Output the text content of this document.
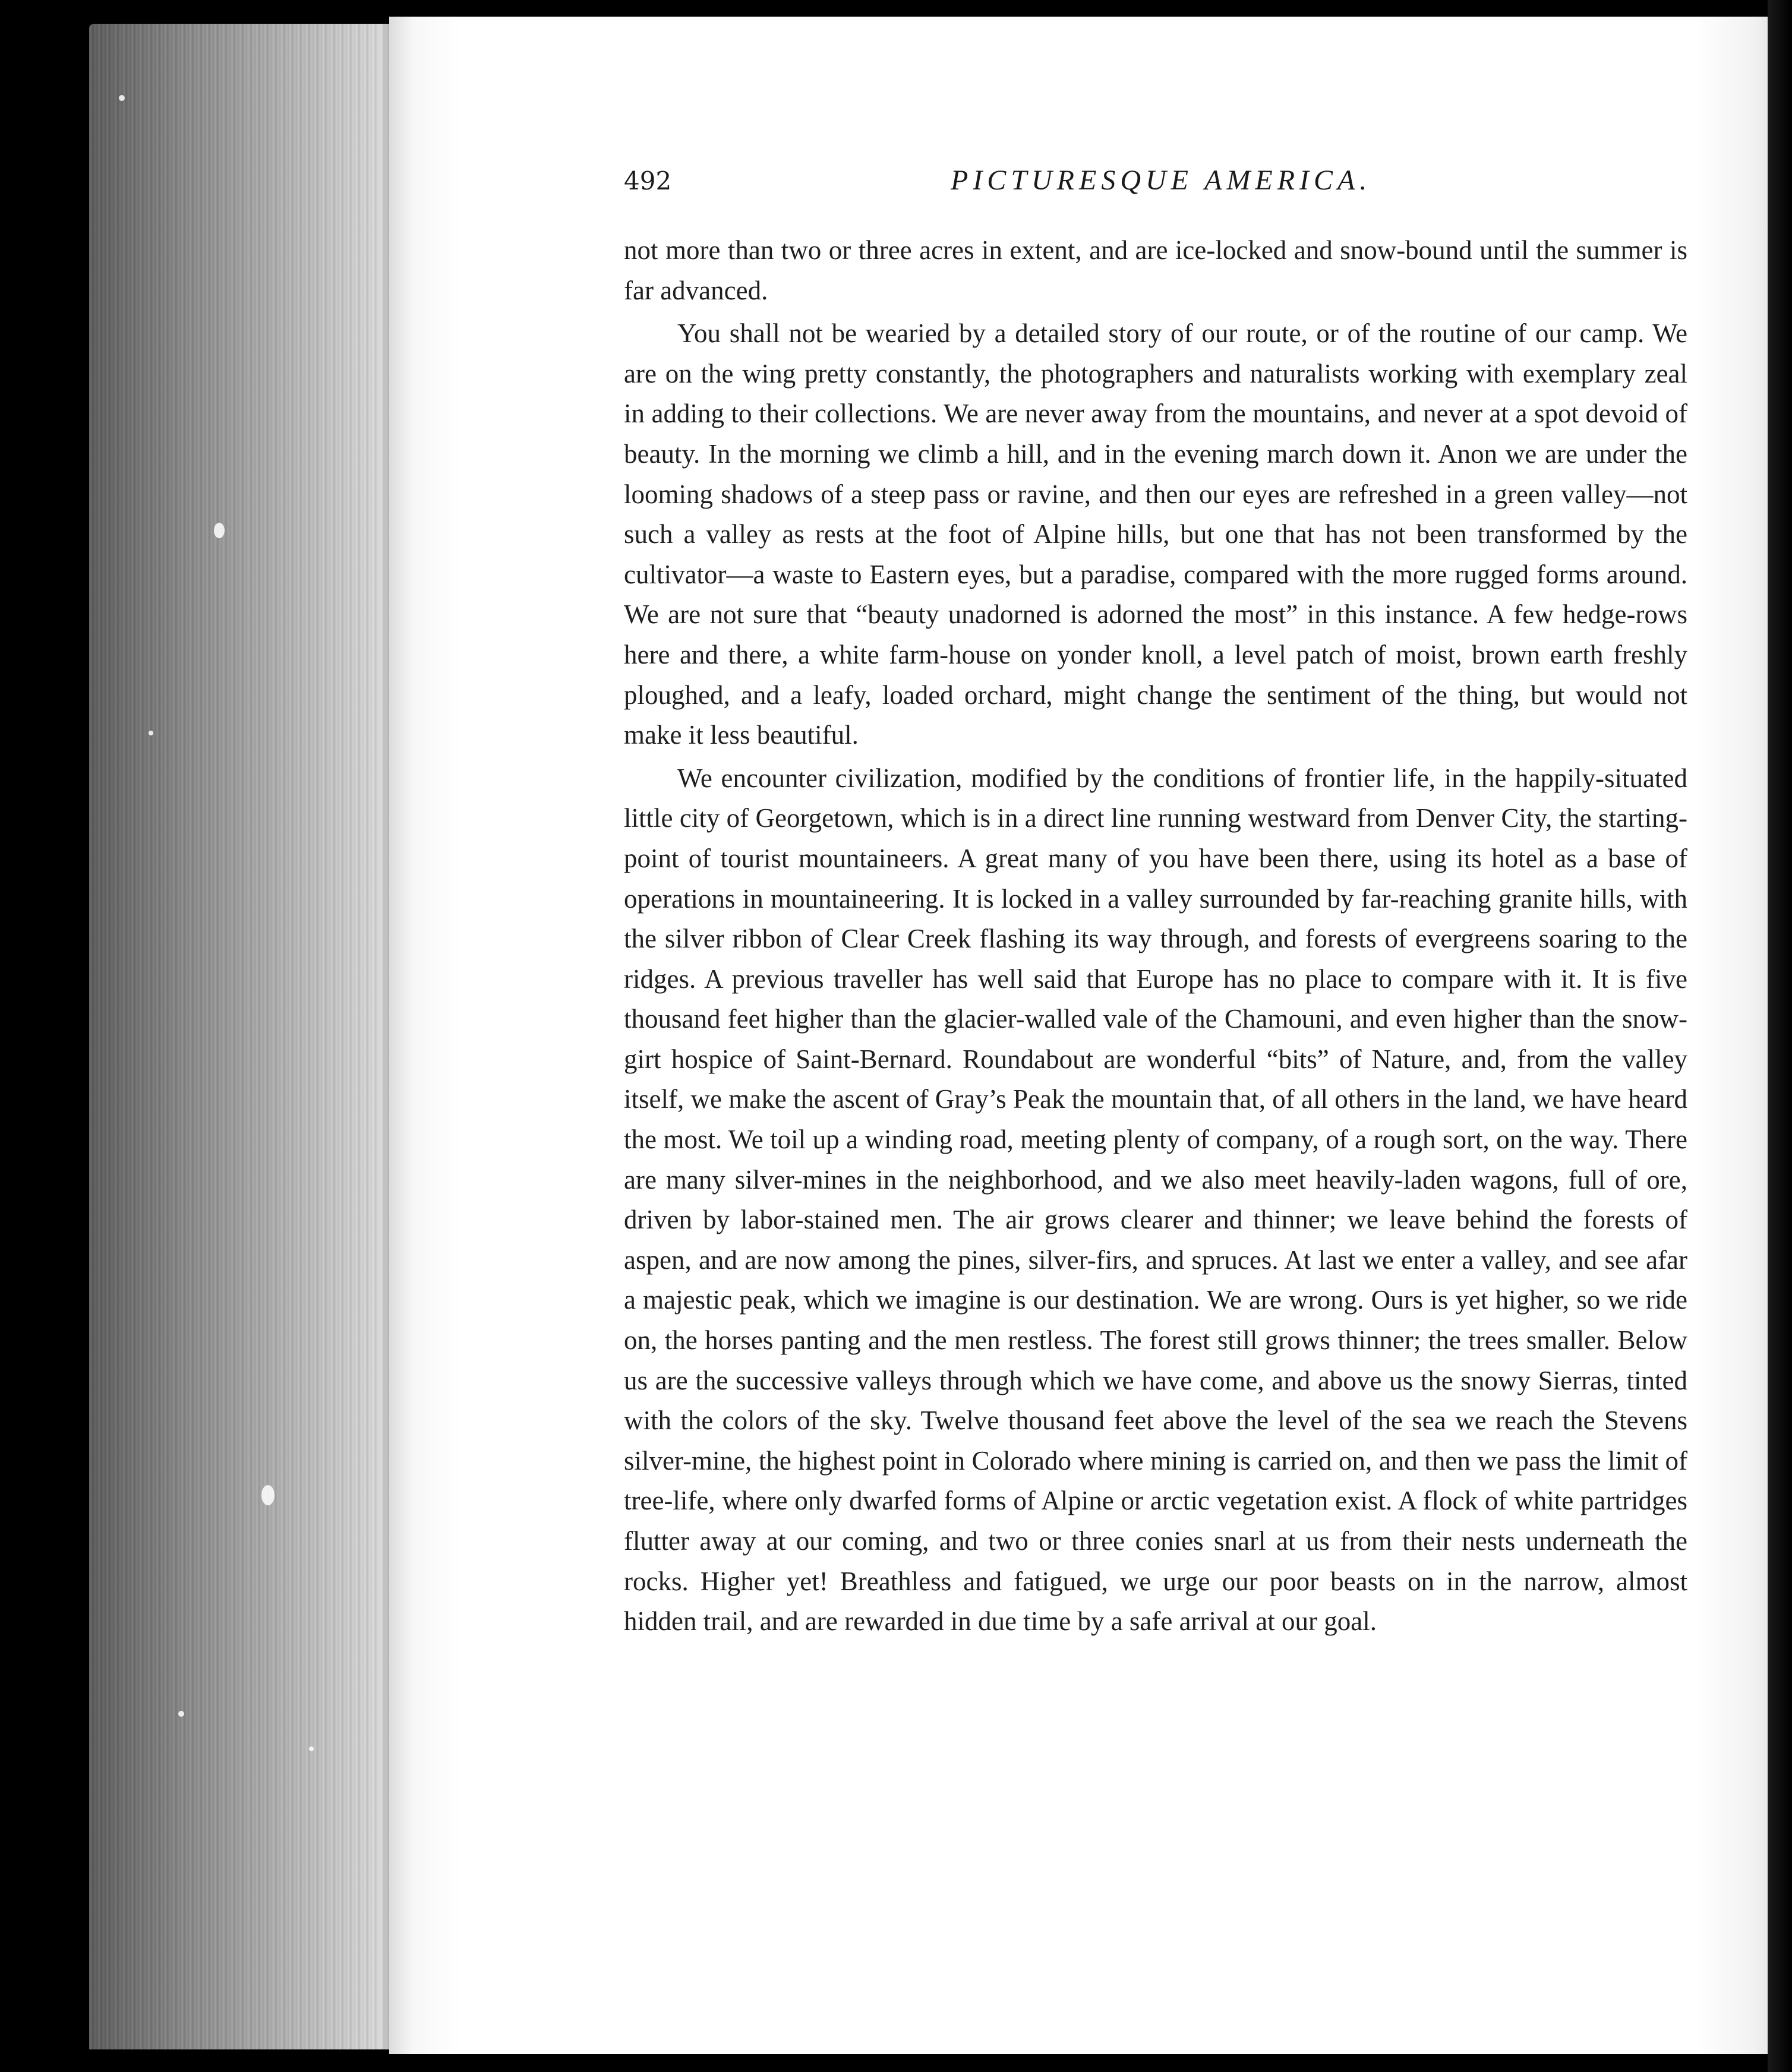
492	PICTURESQUE AMERICA.

not more than two or three acres in extent, and are ice-locked and snow-bound until the summer is far advanced.

You shall not be wearied by a detailed story of our route, or of the routine of our camp. We are on the wing pretty constantly, the photographers and naturalists working with exemplary zeal in adding to their collections. We are never away from the mountains, and never at a spot devoid of beauty. In the morning we climb a hill, and in the evening march down it. Anon we are under the looming shadows of a steep pass or ravine, and then our eyes are refreshed in a green valley—not such a valley as rests at the foot of Alpine hills, but one that has not been transformed by the cultivator—a waste to Eastern eyes, but a paradise, compared with the more rugged forms around. We are not sure that “beauty unadorned is adorned the most” in this instance. A few hedge-rows here and there, a white farm-house on yonder knoll, a level patch of moist, brown earth freshly ploughed, and a leafy, loaded orchard, might change the sentiment of the thing, but would not make it less beautiful.

We encounter civilization, modified by the conditions of frontier life, in the happily-situated little city of Georgetown, which is in a direct line running westward from Denver City, the starting-point of tourist mountaineers. A great many of you have been there, using its hotel as a base of operations in mountaineering. It is locked in a valley surrounded by far-reaching granite hills, with the silver ribbon of Clear Creek flashing its way through, and forests of evergreens soaring to the ridges. A previous traveller has well said that Europe has no place to compare with it. It is five thousand feet higher than the glacier-walled vale of the Chamouni, and even higher than the snow-girt hospice of Saint-Bernard. Roundabout are wonderful “bits” of Nature, and, from the valley itself, we make the ascent of Gray’s Peak the mountain that, of all others in the land, we have heard the most. We toil up a winding road, meeting plenty of company, of a rough sort, on the way. There are many silver-mines in the neighborhood, and we also meet heavily-laden wagons, full of ore, driven by labor-stained men. The air grows clearer and thinner; we leave behind the forests of aspen, and are now among the pines, silver-firs, and spruces. At last we enter a valley, and see afar a majestic peak, which we imagine is our destination. We are wrong. Ours is yet higher, so we ride on, the horses panting and the men restless. The forest still grows thinner; the trees smaller. Below us are the successive valleys through which we have come, and above us the snowy Sierras, tinted with the colors of the sky. Twelve thousand feet above the level of the sea we reach the Stevens silver-mine, the highest point in Colorado where mining is carried on, and then we pass the limit of tree-life, where only dwarfed forms of Alpine or arctic vegetation exist. A flock of white partridges flutter away at our coming, and two or three conies snarl at us from their nests underneath the rocks. Higher yet! Breathless and fatigued, we urge our poor beasts on in the narrow, almost hidden trail, and are rewarded in due time by a safe arrival at our goal.
